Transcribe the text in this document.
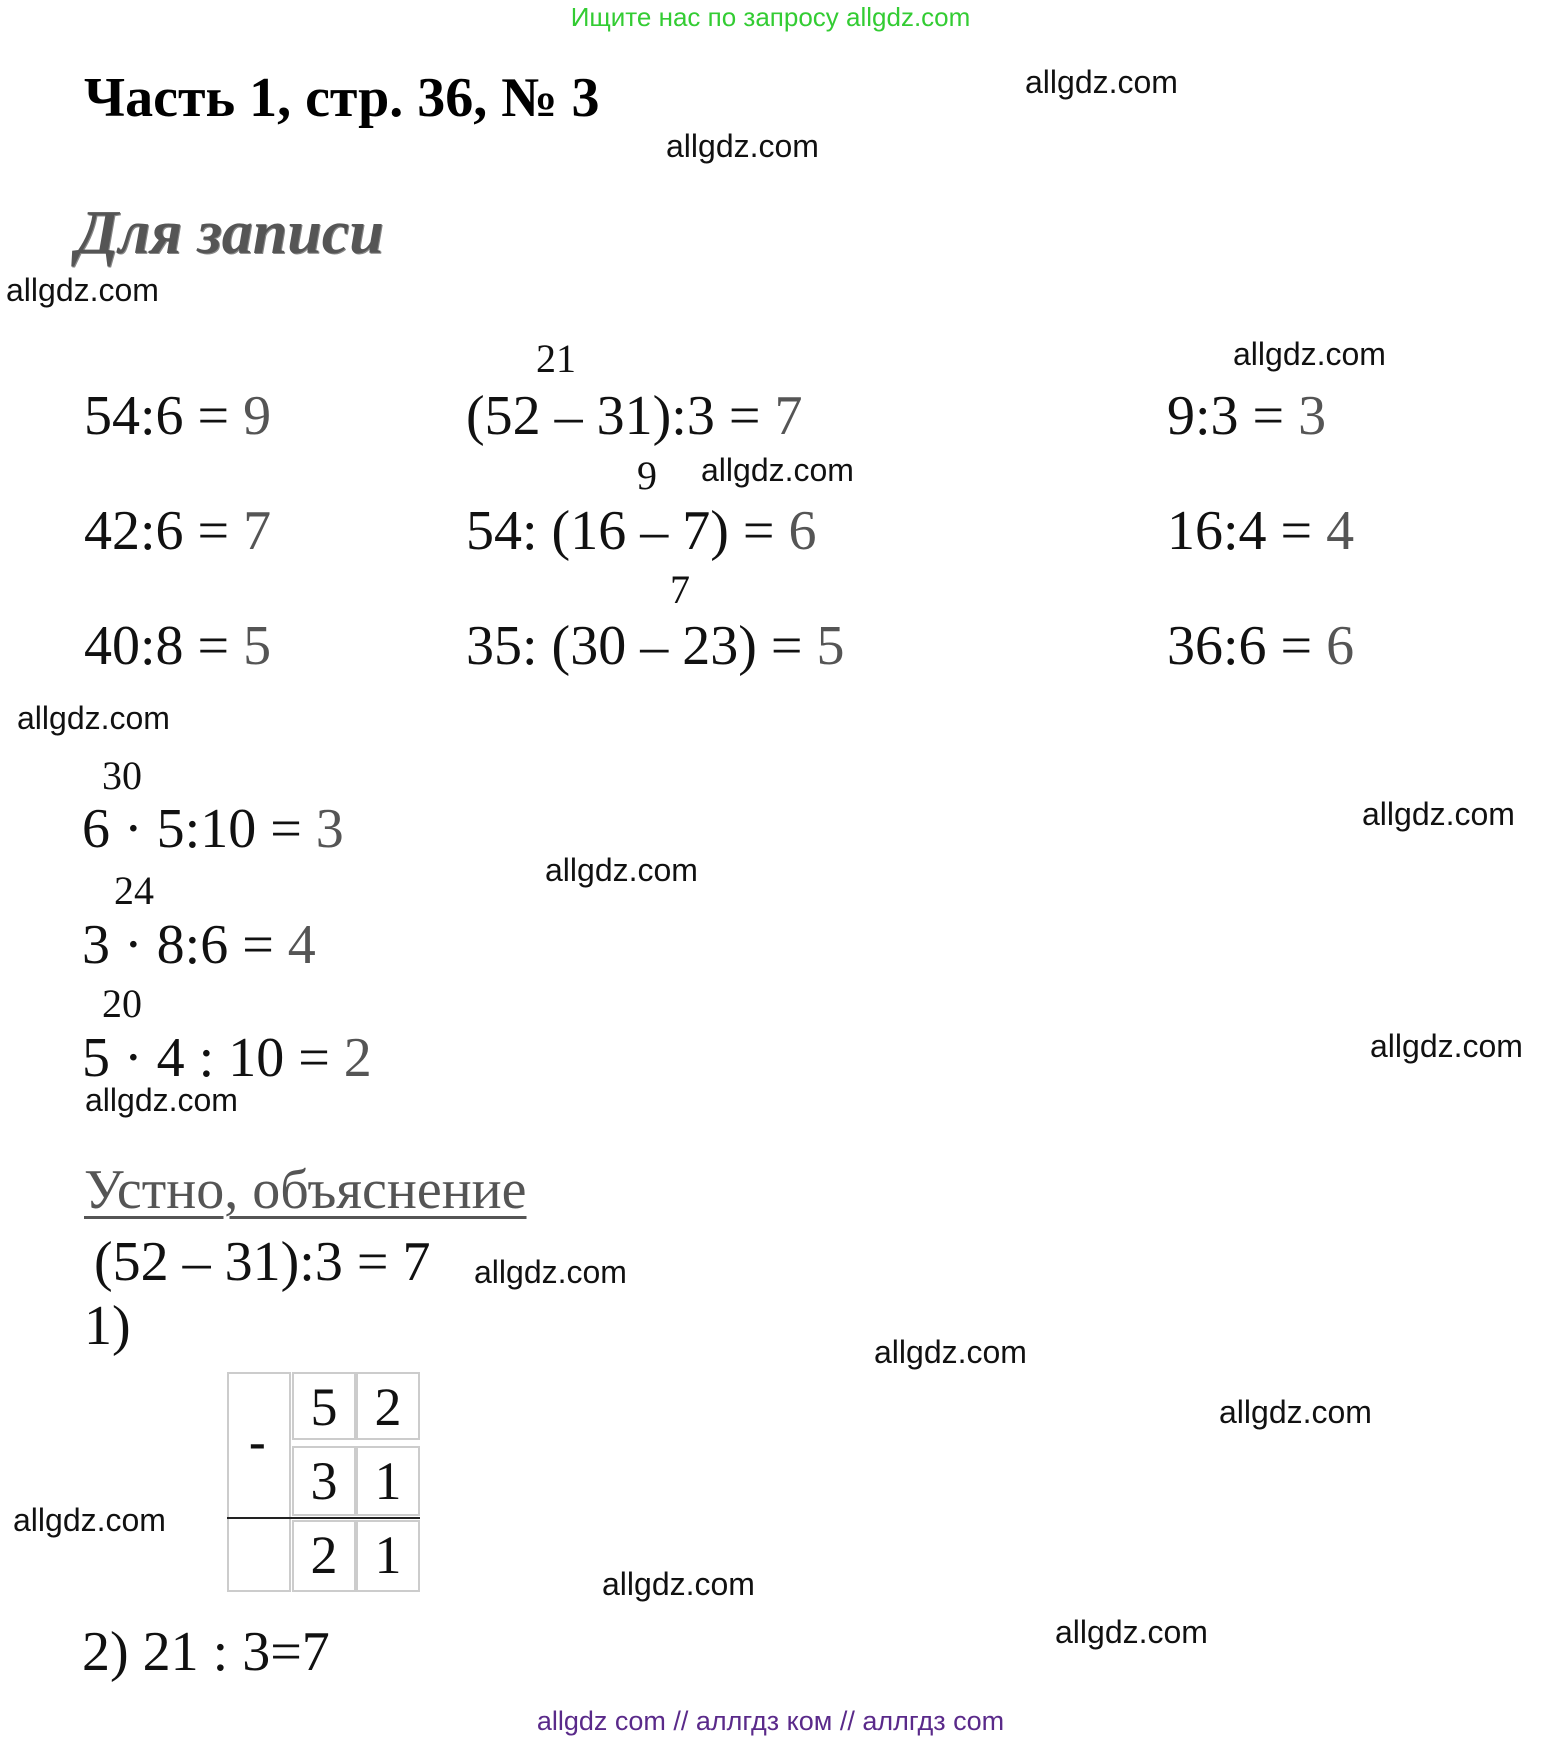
Ищите нас по запросу allgdz.com
Часть 1, стр. 36, № 3
Для записи
54:6 = 9
42:6 = 7
40:8 = 5
21
(52 – 31):3 = 7
9
54: (16 – 7) = 6
7
35: (30 – 23) = 5
9:3 = 3
16:4 = 4
36:6 = 6
30
6 · 5:10 = 3
24
3 · 8:6 = 4
20
5 · 4 : 10 = 2
Устно, объяснение
(52 – 31):3 = 7
1)
-
5 2
3 1
2 1
2) 21 : 3=7
allgdz.com
allgdz.com
allgdz.com
allgdz.com
allgdz.com
allgdz.com
allgdz.com
allgdz.com
allgdz.com
allgdz.com
allgdz.com
allgdz.com
allgdz.com
allgdz.com
allgdz.com
allgdz.com
allgdz com // аллгдз ком // аллгдз com
